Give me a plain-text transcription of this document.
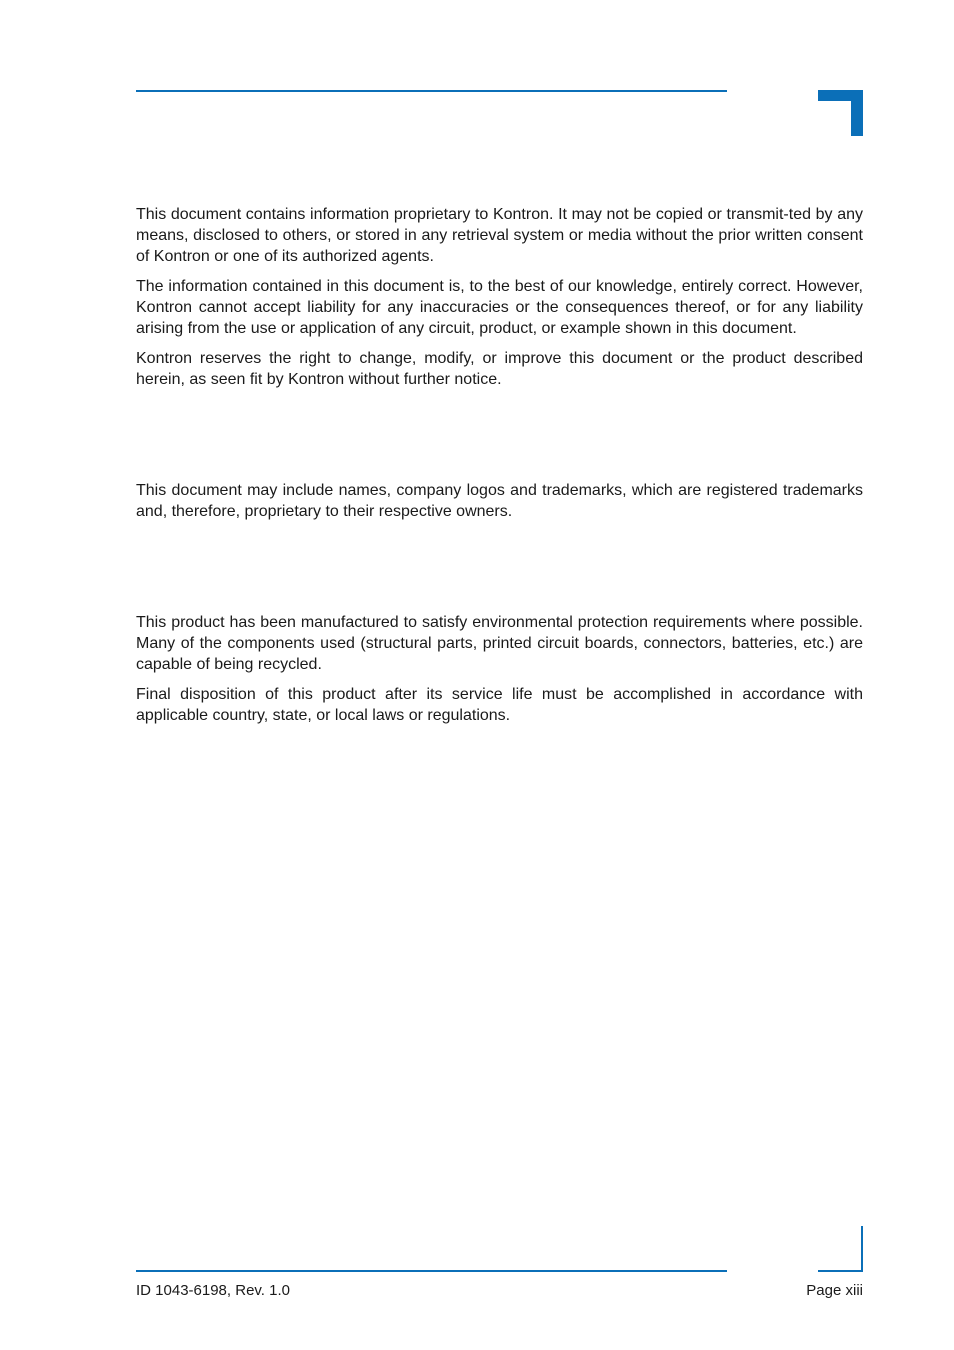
This document contains information proprietary to Kontron. It may not be copied or transmit-ted by any means, disclosed to others, or stored in any retrieval system or media without the prior written consent of Kontron or one of its authorized agents.

The information contained in this document is, to the best of our knowledge, entirely correct. However, Kontron cannot accept liability for any inaccuracies or the consequences thereof, or for any liability arising from the use or application of any circuit, product, or example shown in this document.

Kontron reserves the right to change, modify, or improve this document or the product described herein, as seen fit by Kontron without further notice.

This document may include names, company logos and trademarks, which are registered trademarks and, therefore, proprietary to their respective owners.

This product has been manufactured to satisfy environmental protection requirements where possible. Many of the components used (structural parts, printed circuit boards, connectors, batteries, etc.) are capable of being recycled.

Final disposition of this product after its service life must be accomplished in accordance with applicable country, state, or local laws or regulations.

ID 1043-6198, Rev. 1.0	Page xiii
